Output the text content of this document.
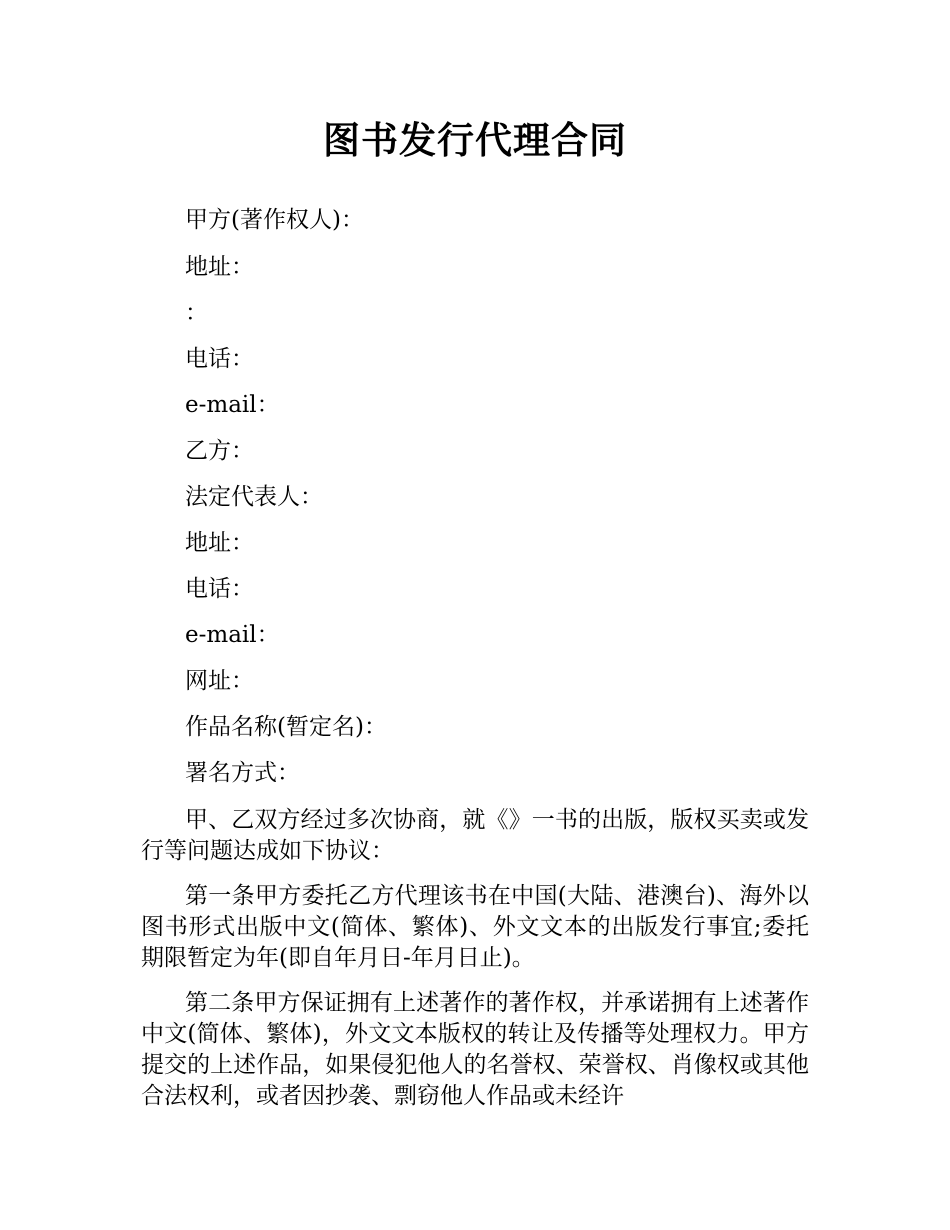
图书发行代理合同
甲方(著作权人)：
地址：
：
电话：
e-mail：
乙方：
法定代表人：
地址：
电话：
e-mail：
网址：
作品名称(暂定名)：
署名方式：
甲、乙双方经过多次协商，就《》一书的出版，版权买卖或发行等问题达成如下协议：
第一条甲方委托乙方代理该书在中国(大陆、港澳台)、海外以图书形式出版中文(简体、繁体)、外文文本的出版发行事宜;委托期限暂定为年(即自年月日-年月日止)。
第二条甲方保证拥有上述著作的著作权，并承诺拥有上述著作中文(简体、繁体)，外文文本版权的转让及传播等处理权力。甲方提交的上述作品，如果侵犯他人的名誉权、荣誉权、肖像权或其他合法权利，或者因抄袭、剽窃他人作品或未经许
